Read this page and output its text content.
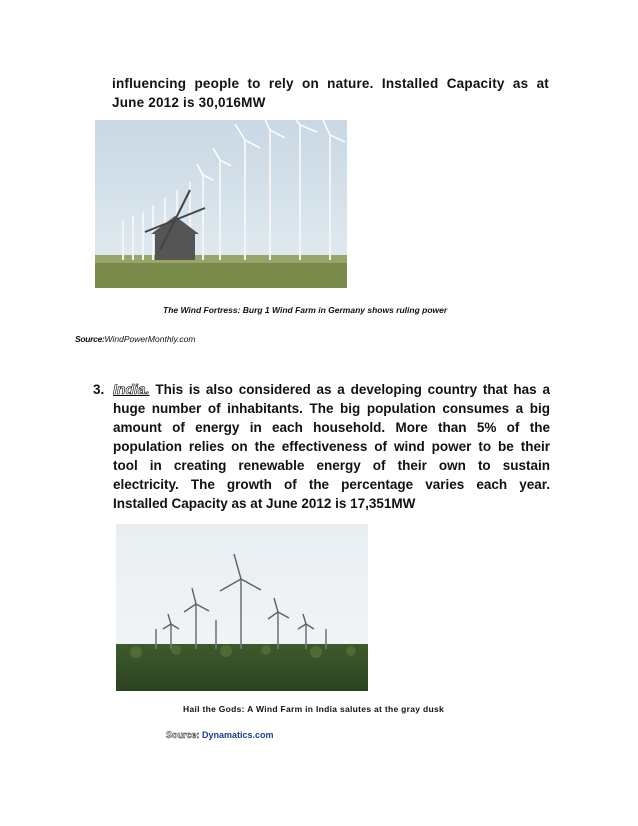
influencing people to rely on nature. Installed Capacity as at
June 2012 is 30,016MW
The Wind Fortress: Burg 1 Wind Farm in Germany shows ruling power
Source:WindPowerMonthly.com
3. India. This is also considered as a developing country that has a
huge number of inhabitants. The big population consumes a big
amount of energy in each household. More than 5% of the
population relies on the effectiveness of wind power to be their
tool in creating renewable energy of their own to sustain
electricity. The growth of the percentage varies each year.
Installed Capacity as at June 2012 is 17,351MW
Hail the Gods: A Wind Farm in India salutes at the gray dusk
Source: Dynamatics.com
